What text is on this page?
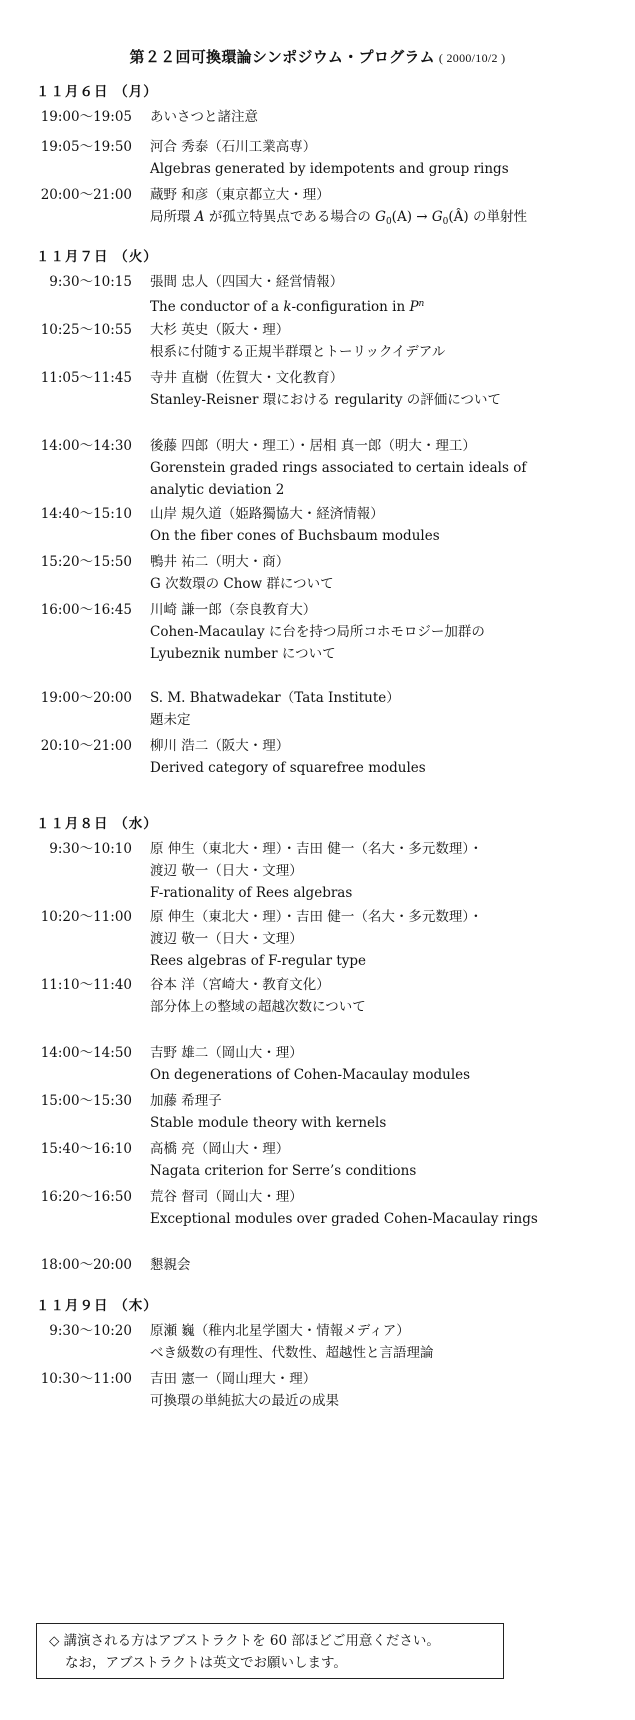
第２２回可換環論シンポジウム・プログラム ( 2000/10/2 )
１１月６日 （月）
19:00～19:05 あいさつと諸注意
19:05～19:50 河合 秀泰（石川工業高専）
Algebras generated by idempotents and group rings
20:00～21:00 蔵野 和彦（東京都立大・理）
局所環 A が孤立特異点である場合の $G_0(A)$ → $G_0(Â)$ の単射性
１１月７日 （火）
9:30～10:15 張間 忠人（四国大・経営情報）
The conductor of a k-configuration in $P^n$
10:25～10:55 大杉 英史（阪大・理）
根系に付随する正規半群環とトーリックイデアル
11:05～11:45 寺井 直樹（佐賀大・文化教育）
Stanley-Reisner 環における regularity の評価について
14:00～14:30 後藤 四郎（明大・理工）・居相 真一郎（明大・理工）
Gorenstein graded rings associated to certain ideals of
analytic deviation 2
14:40～15:10 山岸 規久道（姫路獨協大・経済情報）
On the fiber cones of Buchsbaum modules
15:20～15:50 鴨井 祐二（明大・商）
G 次数環の Chow 群について
16:00～16:45 川崎 謙一郎（奈良教育大）
Cohen-Macaulay に台を持つ局所コホモロジー加群の
Lyubeznik number について
19:00～20:00 S. M. Bhatwadekar（Tata Institute）
題未定
20:10～21:00 柳川 浩二（阪大・理）
Derived category of squarefree modules
１１月８日 （水）
9:30～10:10 原 伸生（東北大・理）・吉田 健一（名大・多元数理）・
渡辺 敬一（日大・文理）
F-rationality of Rees algebras
10:20～11:00 原 伸生（東北大・理）・吉田 健一（名大・多元数理）・
渡辺 敬一（日大・文理）
Rees algebras of F-regular type
11:10～11:40 谷本 洋（宮崎大・教育文化）
部分体上の整域の超越次数について
14:00～14:50 吉野 雄二（岡山大・理）
On degenerations of Cohen-Macaulay modules
15:00～15:30 加藤 希理子
Stable module theory with kernels
15:40～16:10 高橋 亮（岡山大・理）
Nagata criterion for Serre’s conditions
16:20～16:50 荒谷 督司（岡山大・理）
Exceptional modules over graded Cohen-Macaulay rings
18:00～20:00 懇親会
１１月９日 （木）
9:30～10:20 原瀬 巍（稚内北星学園大・情報メディア）
べき級数の有理性、代数性、超越性と言語理論
10:30～11:00 吉田 憲一（岡山理大・理）
可換環の単純拡大の最近の成果
◇ 講演される方はアブストラクトを 60 部ほどご用意ください。
なお，アブストラクトは英文でお願いします。
